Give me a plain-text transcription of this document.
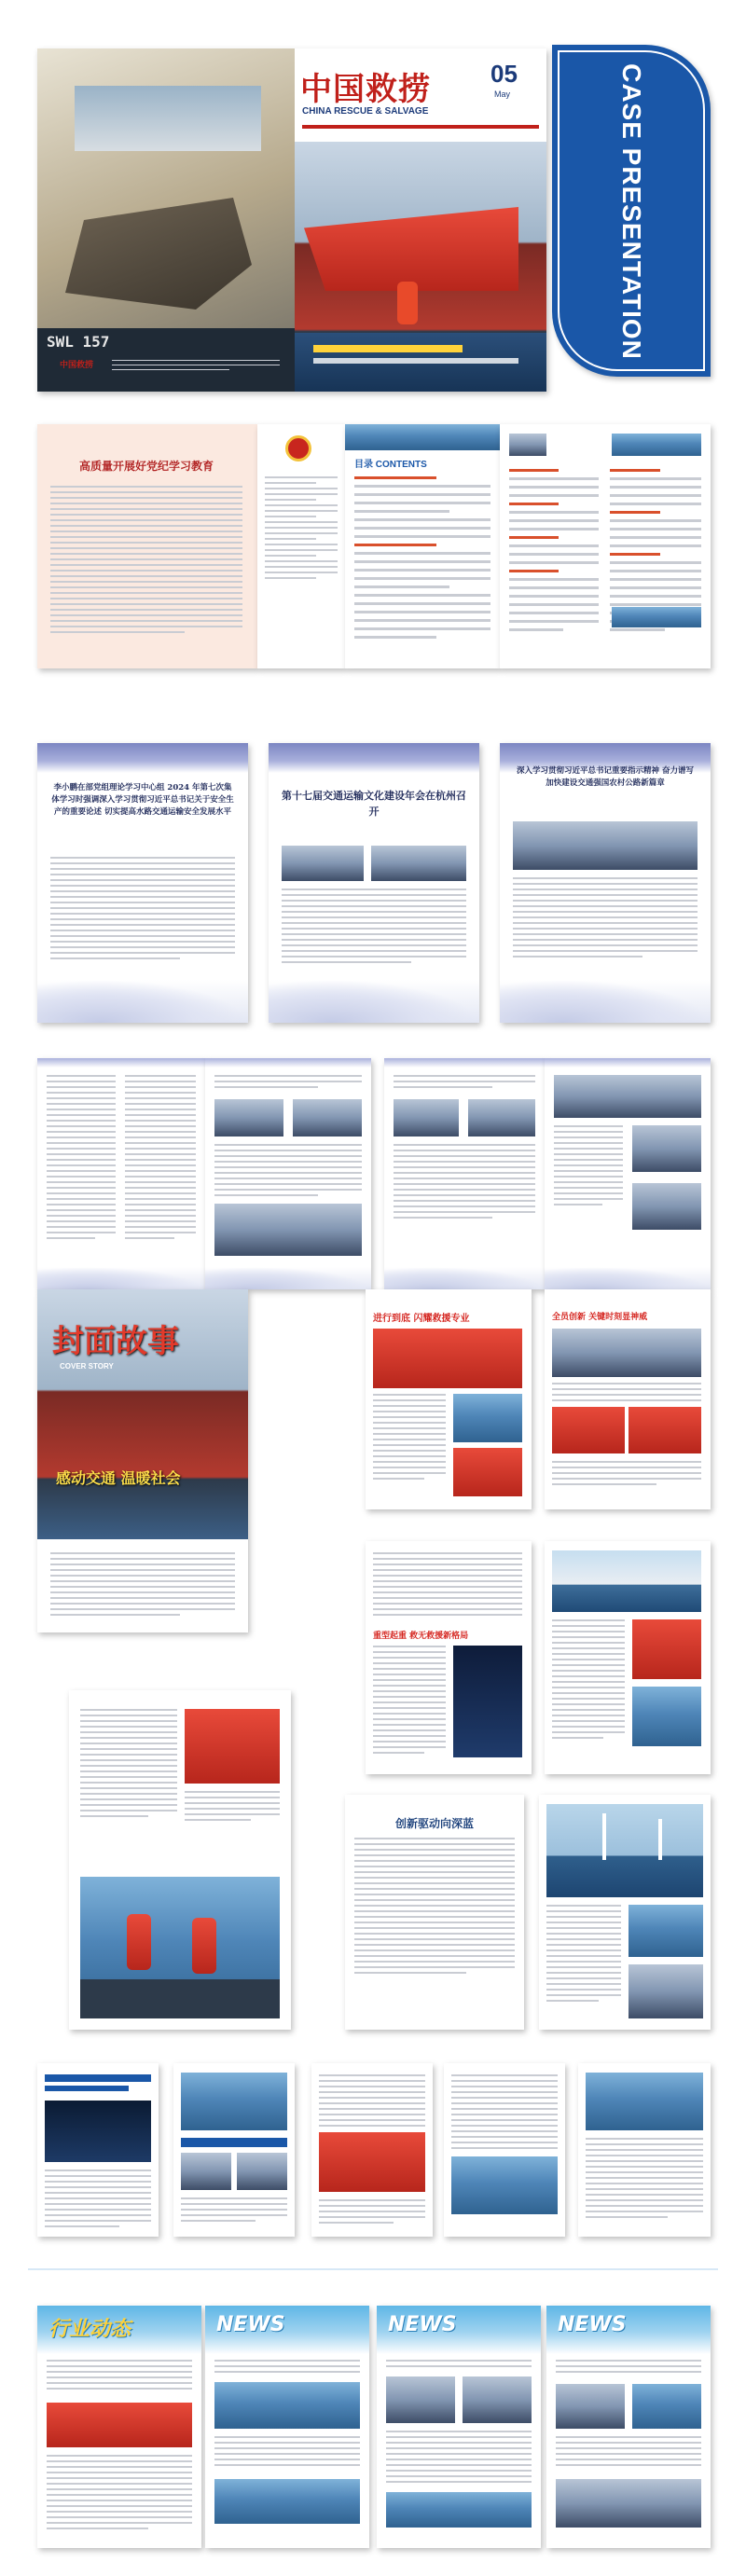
SWL 157
中国救捞
中国救捞
CHINA RESCUE & SALVAGE
05
May	CASE PRESENTATION
高质量开展好党纪学习教育	目录 CONTENTS
李小鹏在部党组理论学习中心组 2024 年第七次集体学习时强调深入学习贯彻习近平总书记关于安全生产的重要论述 切实提高水路交通运输安全发展水平
第十七届交通运输文化建设年会在杭州召开
深入学习贯彻习近平总书记重要指示精神 奋力谱写加快建设交通强国农村公路新篇章
封面故事
COVER STORY
感动交通 温暖社会
进行到底 闪耀救援专业	全员创新 关键时刻显神威
重型起重 救无救援新格局
创新驱动向深蓝
行业动态	NEWS	NEWS	NEWS
